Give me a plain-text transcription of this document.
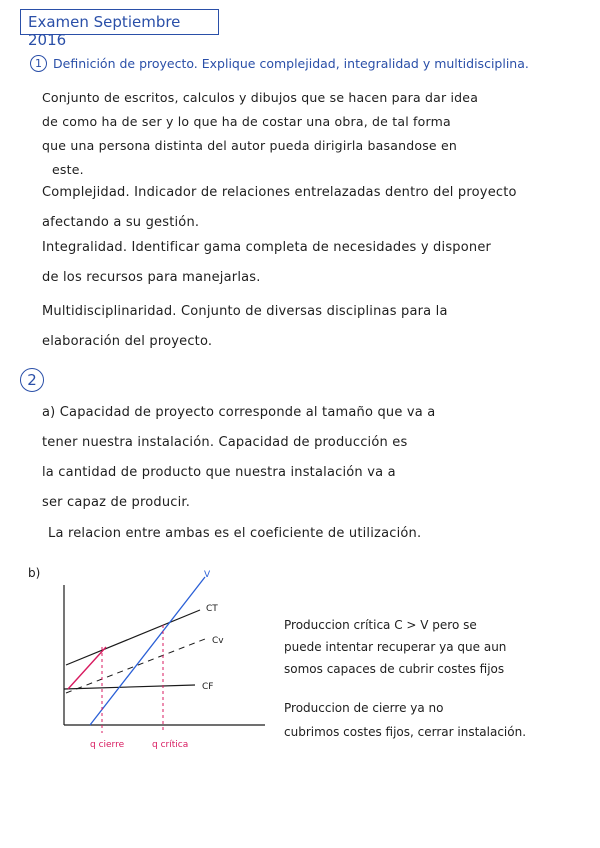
Examen Septiembre 2016
1 Definición de proyecto. Explique complejidad, integralidad y multidisciplina.
Conjunto de escritos, calculos y dibujos que se hacen para dar idea
de como ha de ser y lo que ha de costar una obra, de tal forma
que una persona distinta del autor pueda dirigirla basandose en
este.
Complejidad. Indicador de relaciones entrelazadas dentro del proyecto
afectando a su gestión.
Integralidad. Identificar gama completa de necesidades y disponer
de los recursos para manejarlas.
Multidisciplinaridad. Conjunto de diversas disciplinas para la
elaboración del proyecto.
2
a) Capacidad de proyecto corresponde al tamaño que va a
tener nuestra instalación. Capacidad de producción es
la cantidad de producto que nuestra instalación va a
ser capaz de producir.
La relacion entre ambas es el coeficiente de utilización.
b)	V
CT
Cv
CF
q cierre	q crítica
Produccion crítica C > V pero se
puede intentar recuperar ya que aun
somos capaces de cubrir costes fijos
Produccion de cierre ya no
cubrimos costes fijos, cerrar instalación.
